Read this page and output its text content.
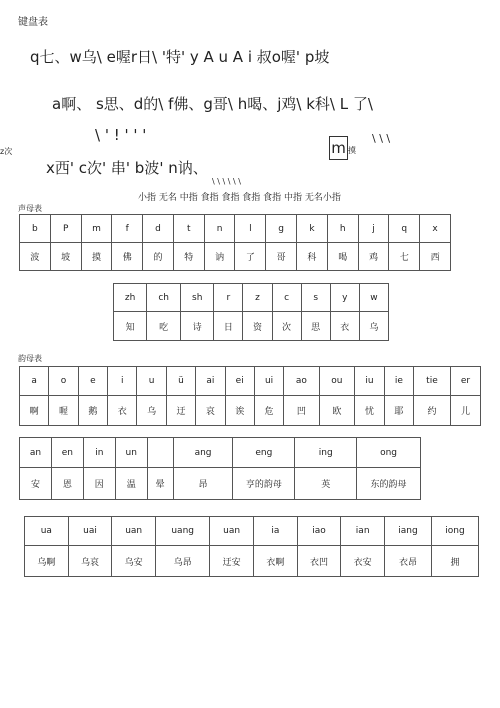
键盘表
q七、w乌\ e喔r日\ '特' y A u A i 叔o喔' p坡
a啊、 s思、d的\ f佛、g哥\ h喝、j鸡\ k科\ L 了\
z次
\ ' ! ' ' '
m 摸
\ \ \
x西' c次' 串' b波' n讷、
\ \ \ \ \ \
小指 无名 中指 食指 食指 食指 食指 中指 无名小指
声母表
b	P	m	f	d	t	n	l	g	k	h	j	q	x
波	坡	摸	佛	的	特	讷	了	哥	科	喝	鸡	七	西
zh	ch	sh	r	z	c	s	y	w
知	吃	诗	日	资	次	思	衣	乌
韵母表
a	o	e	i	u	ü	ai	ei	ui	ao	ou	iu	ie	tie	er
啊	喔	鹅	衣	乌	迂	哀	诶	危	凹	欧	忧	耶	约	儿
an	en	in	un		ang	eng	ing	ong
安	恩	因	温	晕	昂	亨的韵母	英	东的韵母
ua	uai	uan	uang	uan	ia	iao	ian	iang	iong
乌啊	乌哀	乌安	乌昂	迂安	衣啊	衣凹	衣安	衣昂	拥
